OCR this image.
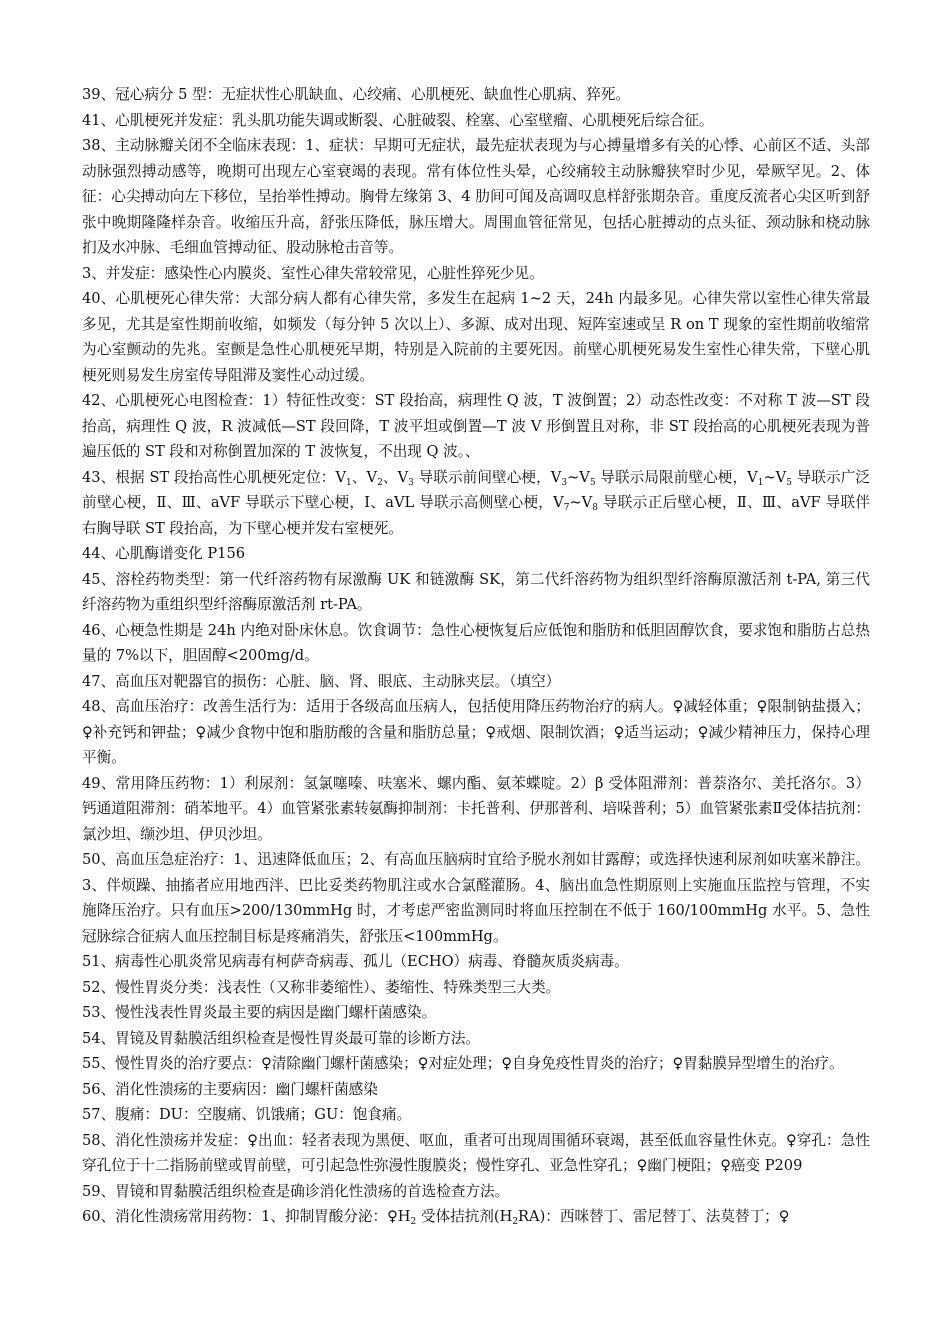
39、冠心病分 5 型：无症状性心肌缺血、心绞痛、心肌梗死、缺血性心肌病、猝死。

41、心肌梗死并发症：乳头肌功能失调或断裂、心脏破裂、栓塞、心室壁瘤、心肌梗死后综合征。

38、主动脉瓣关闭不全临床表现：1、症状：早期可无症状，最先症状表现为与心搏量增多有关的心悸、心前区不适、头部动脉强烈搏动感等，晚期可出现左心室衰竭的表现。常有体位性头晕，心绞痛较主动脉瓣狭窄时少见，晕厥罕见。2、体征：心尖搏动向左下移位，呈抬举性搏动。胸骨左缘第 3、4 肋间可闻及高调叹息样舒张期杂音。重度反流者心尖区听到舒张中晚期隆隆样杂音。收缩压升高，舒张压降低，脉压增大。周围血管征常见，包括心脏搏动的点头征、颈动脉和桡动脉扪及水冲脉、毛细血管搏动征、股动脉枪击音等。

3、并发症：感染性心内膜炎、室性心律失常较常见，心脏性猝死少见。

40、心肌梗死心律失常：大部分病人都有心律失常，多发生在起病 1~2 天，24h 内最多见。心律失常以室性心律失常最多见，尤其是室性期前收缩，如频发（每分钟 5 次以上）、多源、成对出现、短阵室速或呈 R on T 现象的室性期前收缩常为心室颤动的先兆。室颤是急性心肌梗死早期，特别是入院前的主要死因。前壁心肌梗死易发生室性心律失常，下壁心肌梗死则易发生房室传导阻滞及窦性心动过缓。

42、心肌梗死心电图检查：1）特征性改变：ST 段抬高，病理性 Q 波，T 波倒置；2）动态性改变：不对称 T 波—ST 段抬高，病理性 Q 波，R 波减低—ST 段回降，T 波平坦或倒置—T 波 V 形倒置且对称，非 ST 段抬高的心肌梗死表现为普遍压低的 ST 段和对称倒置加深的 T 波恢复，不出现 Q 波。、

43、根据 ST 段抬高性心肌梗死定位：$V_1$、$V_2$、$V_3$ 导联示前间壁心梗，$V_3\sim V_5$ 导联示局限前壁心梗，$V_1\sim V_5$ 导联示广泛前壁心梗，Ⅱ、Ⅲ、aVF 导联示下壁心梗，Ⅰ、aVL 导联示高侧壁心梗，$V_7\sim V_8$ 导联示正后壁心梗，Ⅱ、Ⅲ、aVF 导联伴右胸导联 ST 段抬高，为下壁心梗并发右室梗死。

44、心肌酶谱变化 P156

45、溶栓药物类型：第一代纤溶药物有尿激酶 UK 和链激酶 SK，第二代纤溶药物为组织型纤溶酶原激活剂 t-PA, 第三代纤溶药物为重组织型纤溶酶原激活剂 rt-PA。

46、心梗急性期是 24h 内绝对卧床休息。饮食调节：急性心梗恢复后应低饱和脂肪和低胆固醇饮食，要求饱和脂肪占总热量的 7%以下，胆固醇<200mg/d。

47、高血压对靶器官的损伤：心脏、脑、肾、眼底、主动脉夹层。（填空）

48、高血压治疗：改善生活行为：适用于各级高血压病人，包括使用降压药物治疗的病人。♀减轻体重；♀限制钠盐摄入；♀补充钙和钾盐；♀减少食物中饱和脂肪酸的含量和脂肪总量；♀戒烟、限制饮酒；♀适当运动；♀减少精神压力，保持心理平衡。

49、常用降压药物：1）利尿剂：氢氯噻嗪、呋塞米、螺内酯、氨苯蝶啶。2）β 受体阻滞剂：普萘洛尔、美托洛尔。3）钙通道阻滞剂：硝苯地平。4）血管紧张素转氨酶抑制剂：卡托普利、伊那普利、培哚普利；5）血管紧张素Ⅱ受体拮抗剂：氯沙坦、缬沙坦、伊贝沙坦。

50、高血压急症治疗：1、迅速降低血压；2、有高血压脑病时宜给予脱水剂如甘露醇；或选择快速利尿剂如呋塞米静注。3、伴烦躁、抽搐者应用地西泮、巴比妥类药物肌注或水合氯醛灌肠。4、脑出血急性期原则上实施血压监控与管理，不实施降压治疗。只有血压>200/130mmHg 时，才考虑严密监测同时将血压控制在不低于 160/100mmHg 水平。5、急性冠脉综合征病人血压控制目标是疼痛消失，舒张压<100mmHg。

51、病毒性心肌炎常见病毒有柯萨奇病毒、孤儿（ECHO）病毒、脊髓灰质炎病毒。

52、慢性胃炎分类：浅表性（又称非萎缩性）、萎缩性、特殊类型三大类。

53、慢性浅表性胃炎最主要的病因是幽门螺杆菌感染。

54、胃镜及胃黏膜活组织检查是慢性胃炎最可靠的诊断方法。

55、慢性胃炎的治疗要点：♀清除幽门螺杆菌感染；♀对症处理；♀自身免疫性胃炎的治疗；♀胃黏膜异型增生的治疗。

56、消化性溃疡的主要病因：幽门螺杆菌感染

57、腹痛：DU：空腹痛、饥饿痛；GU：饱食痛。

58、消化性溃疡并发症：♀出血：轻者表现为黑便、呕血，重者可出现周围循环衰竭，甚至低血容量性休克。♀穿孔：急性穿孔位于十二指肠前壁或胃前壁，可引起急性弥漫性腹膜炎；慢性穿孔、亚急性穿孔；♀幽门梗阻；♀癌变 P209

59、胃镜和胃黏膜活组织检查是确诊消化性溃疡的首选检查方法。

60、消化性溃疡常用药物：1、抑制胃酸分泌：$♀H_2$ 受体拮抗剂$(H_2RA)$：西咪替丁、雷尼替丁、法莫替丁；♀
